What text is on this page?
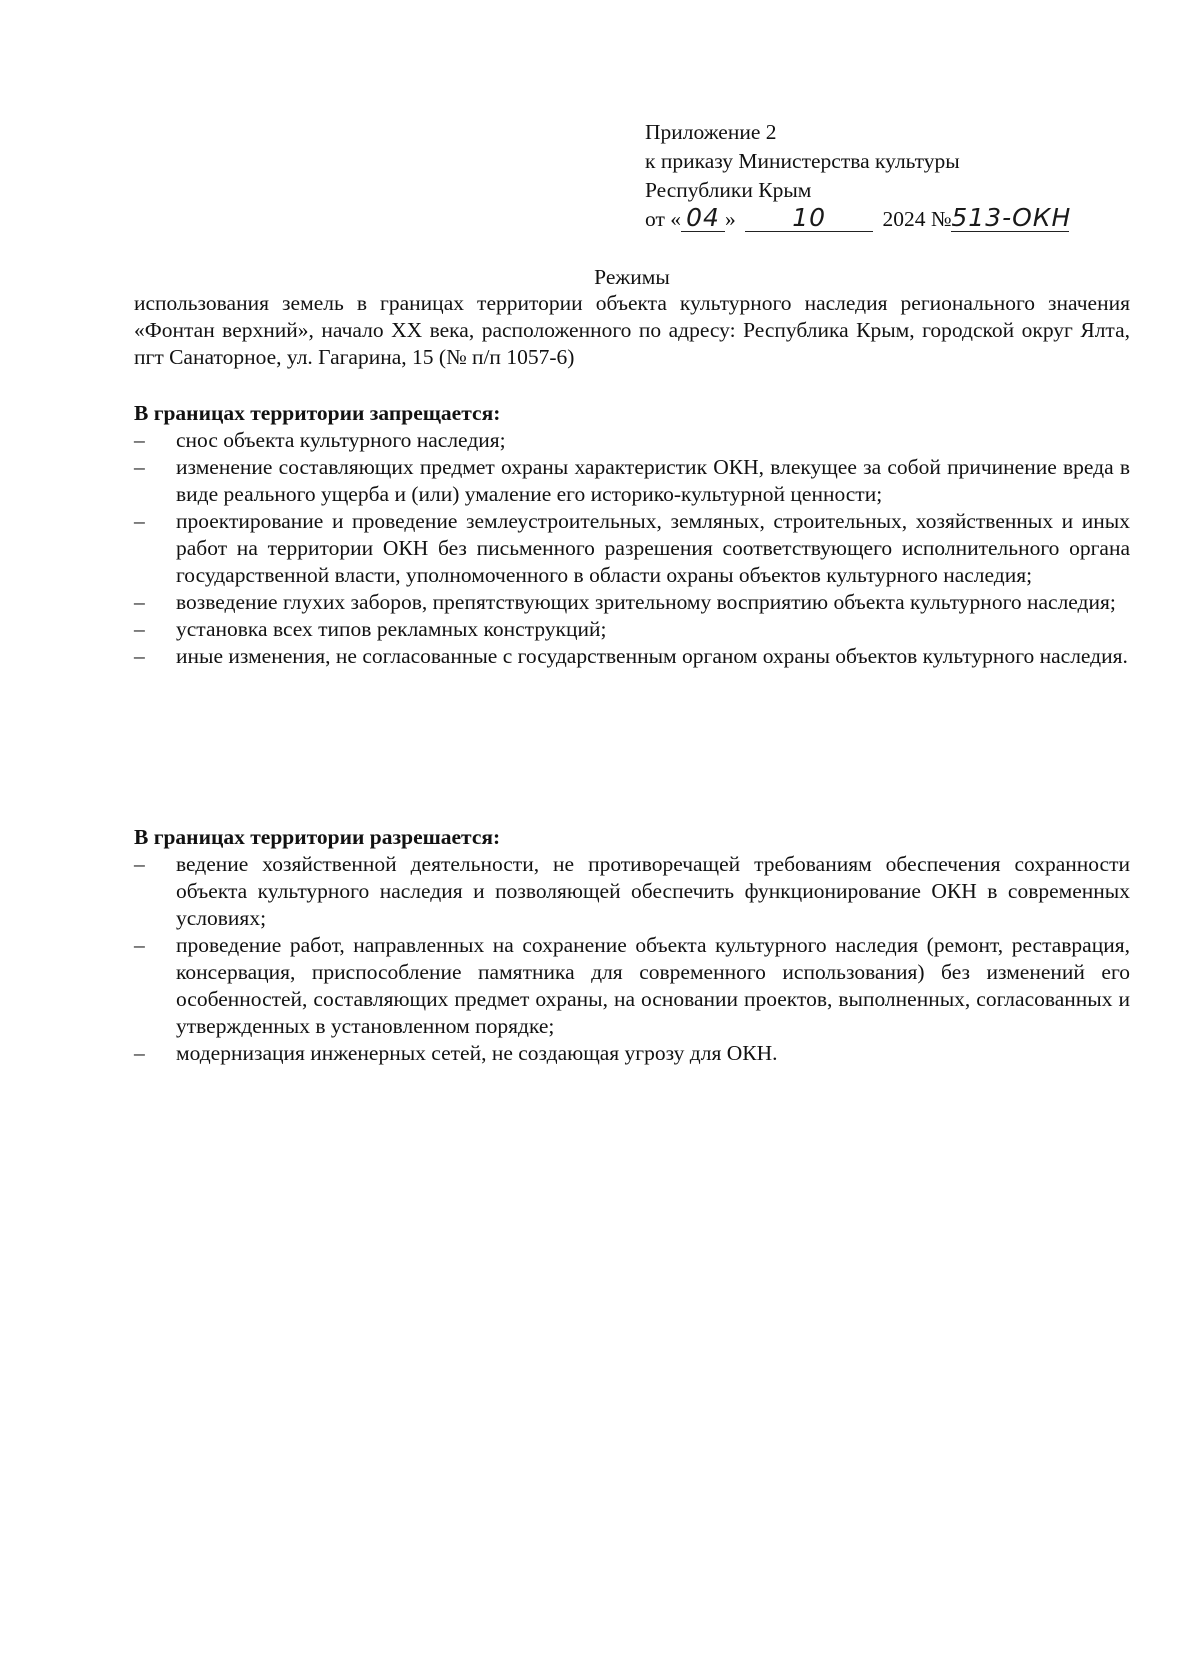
Приложение 2
к приказу Министерства культуры
Республики Крым
от « 04 » 10	2024 №513-ОКН
Режимы
использования земель в границах территории объекта культурного наследия регионального значения «Фонтан верхний», начало XX века, расположенного по адресу: Республика Крым, городской округ Ялта, пгт Санаторное, ул. Гагарина, 15 (№ п/п 1057-6)

В границах территории запрещается:

–	снос объекта культурного наследия;
–	изменение составляющих предмет охраны характеристик ОКН, влекущее за собой причинение вреда в виде реального ущерба и (или) умаление его историко-культурной ценности;
–	проектирование и проведение землеустроительных, земляных, строительных, хозяйственных и иных работ на территории ОКН без письменного разрешения соответствующего исполнительного органа государственной власти, уполномоченного в области охраны объектов культурного наследия;
–	возведение глухих заборов, препятствующих зрительному восприятию объекта культурного наследия;
–	установка всех типов рекламных конструкций;
–	иные изменения, не согласованные с государственным органом охраны объектов культурного наследия.

В границах территории разрешается:

–	ведение хозяйственной деятельности, не противоречащей требованиям обеспечения сохранности объекта культурного наследия и позволяющей обеспечить функционирование ОКН в современных условиях;
–	проведение работ, направленных на сохранение объекта культурного наследия (ремонт, реставрация, консервация, приспособление памятника для современного использования) без изменений его особенностей, составляющих предмет охраны, на основании проектов, выполненных, согласованных и утвержденных в установленном порядке;
–	модернизация инженерных сетей, не создающая угрозу для ОКН.
